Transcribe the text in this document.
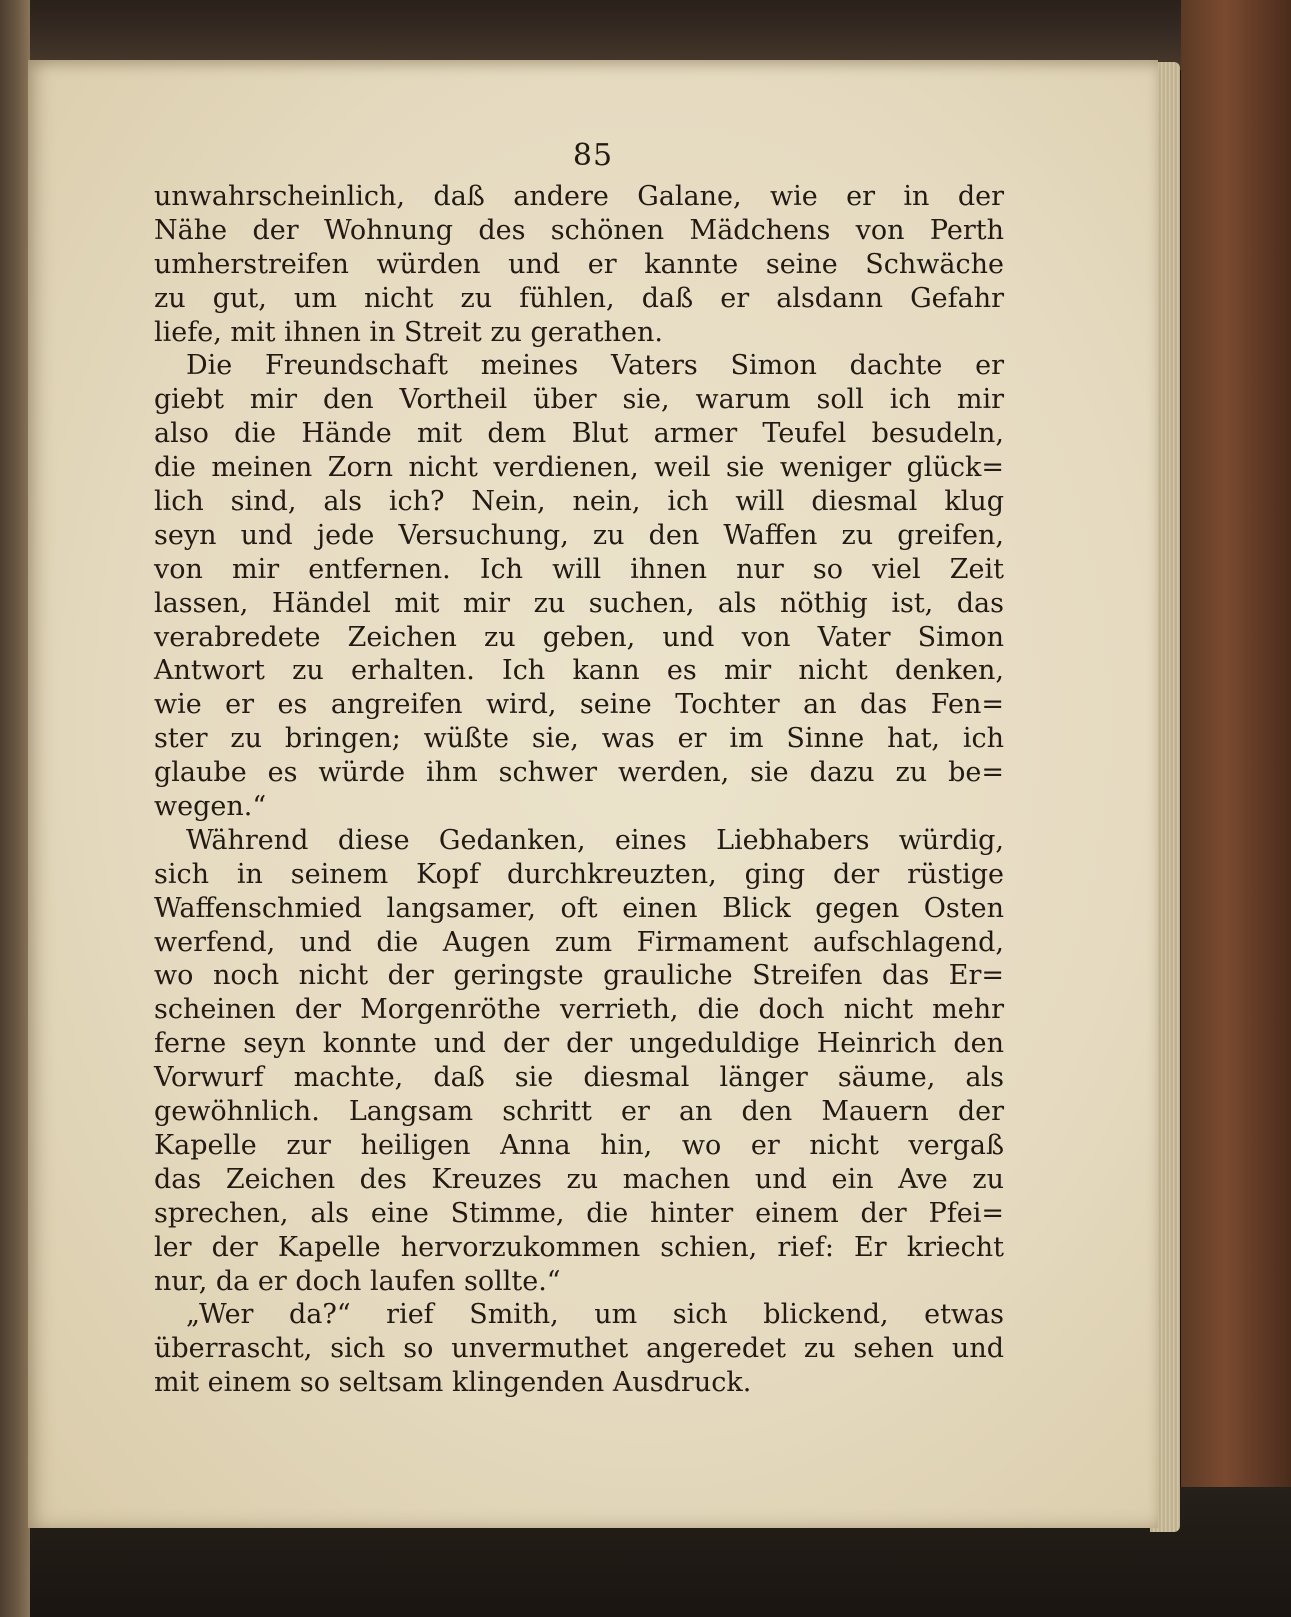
85
unwahrscheinlich, daß andere Galane, wie er in der
Nähe der Wohnung des schönen Mädchens von Perth
umherstreifen würden und er kannte seine Schwäche
zu gut, um nicht zu fühlen, daß er alsdann Gefahr
liefe, mit ihnen in Streit zu gerathen.
Die Freundschaft meines Vaters Simon dachte er
giebt mir den Vortheil über sie, warum soll ich mir
also die Hände mit dem Blut armer Teufel besudeln,
die meinen Zorn nicht verdienen, weil sie weniger glück=
lich sind, als ich? Nein, nein, ich will diesmal klug
seyn und jede Versuchung, zu den Waffen zu greifen,
von mir entfernen. Ich will ihnen nur so viel Zeit
lassen, Händel mit mir zu suchen, als nöthig ist, das
verabredete Zeichen zu geben, und von Vater Simon
Antwort zu erhalten. Ich kann es mir nicht denken,
wie er es angreifen wird, seine Tochter an das Fen=
ster zu bringen; wüßte sie, was er im Sinne hat, ich
glaube es würde ihm schwer werden, sie dazu zu be=
wegen.“
Während diese Gedanken, eines Liebhabers würdig,
sich in seinem Kopf durchkreuzten, ging der rüstige
Waffenschmied langsamer, oft einen Blick gegen Osten
werfend, und die Augen zum Firmament aufschlagend,
wo noch nicht der geringste grauliche Streifen das Er=
scheinen der Morgenröthe verrieth, die doch nicht mehr
ferne seyn konnte und der der ungeduldige Heinrich den
Vorwurf machte, daß sie diesmal länger säume, als
gewöhnlich. Langsam schritt er an den Mauern der
Kapelle zur heiligen Anna hin, wo er nicht vergaß
das Zeichen des Kreuzes zu machen und ein Ave zu
sprechen, als eine Stimme, die hinter einem der Pfei=
ler der Kapelle hervorzukommen schien, rief: Er kriecht
nur, da er doch laufen sollte.“
„Wer da?“ rief Smith, um sich blickend, etwas
überrascht, sich so unvermuthet angeredet zu sehen und
mit einem so seltsam klingenden Ausdruck.
